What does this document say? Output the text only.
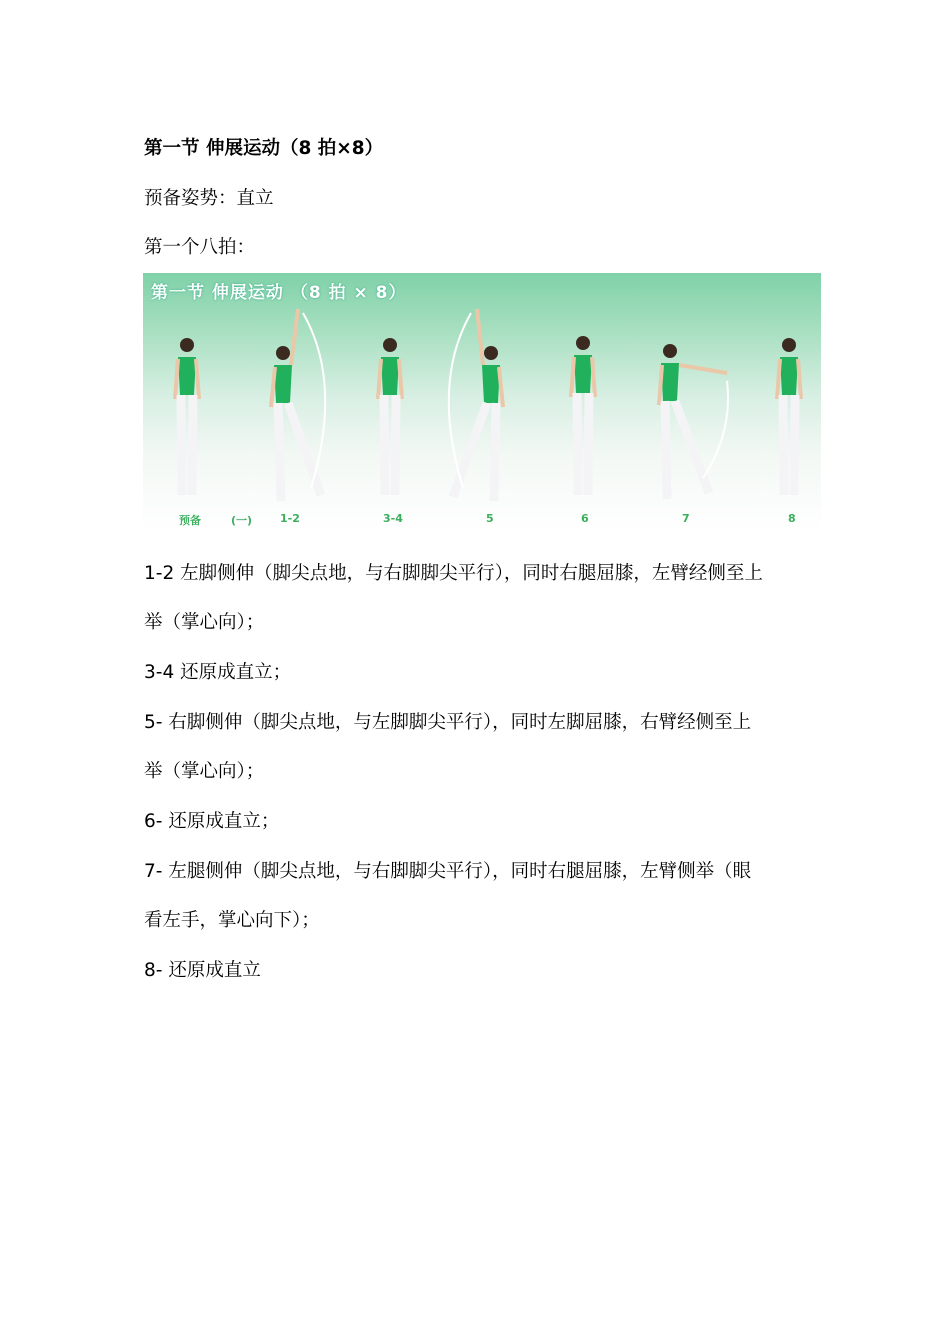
第一节 伸展运动（8 拍×8）
预备姿势：直立
第一个八拍：
第一节 伸展运动 （8 拍 × 8）
预备	(一)	1-2	3-4	5	6	7	8
1-2 左脚侧伸（脚尖点地，与右脚脚尖平行），同时右腿屈膝，左臂经侧至上
举（掌心向）；
3-4 还原成直立；
5- 右脚侧伸（脚尖点地，与左脚脚尖平行），同时左脚屈膝，右臂经侧至上
举（掌心向）；
6- 还原成直立；
7- 左腿侧伸（脚尖点地，与右脚脚尖平行），同时右腿屈膝，左臂侧举（眼
看左手，掌心向下）；
8- 还原成直立
